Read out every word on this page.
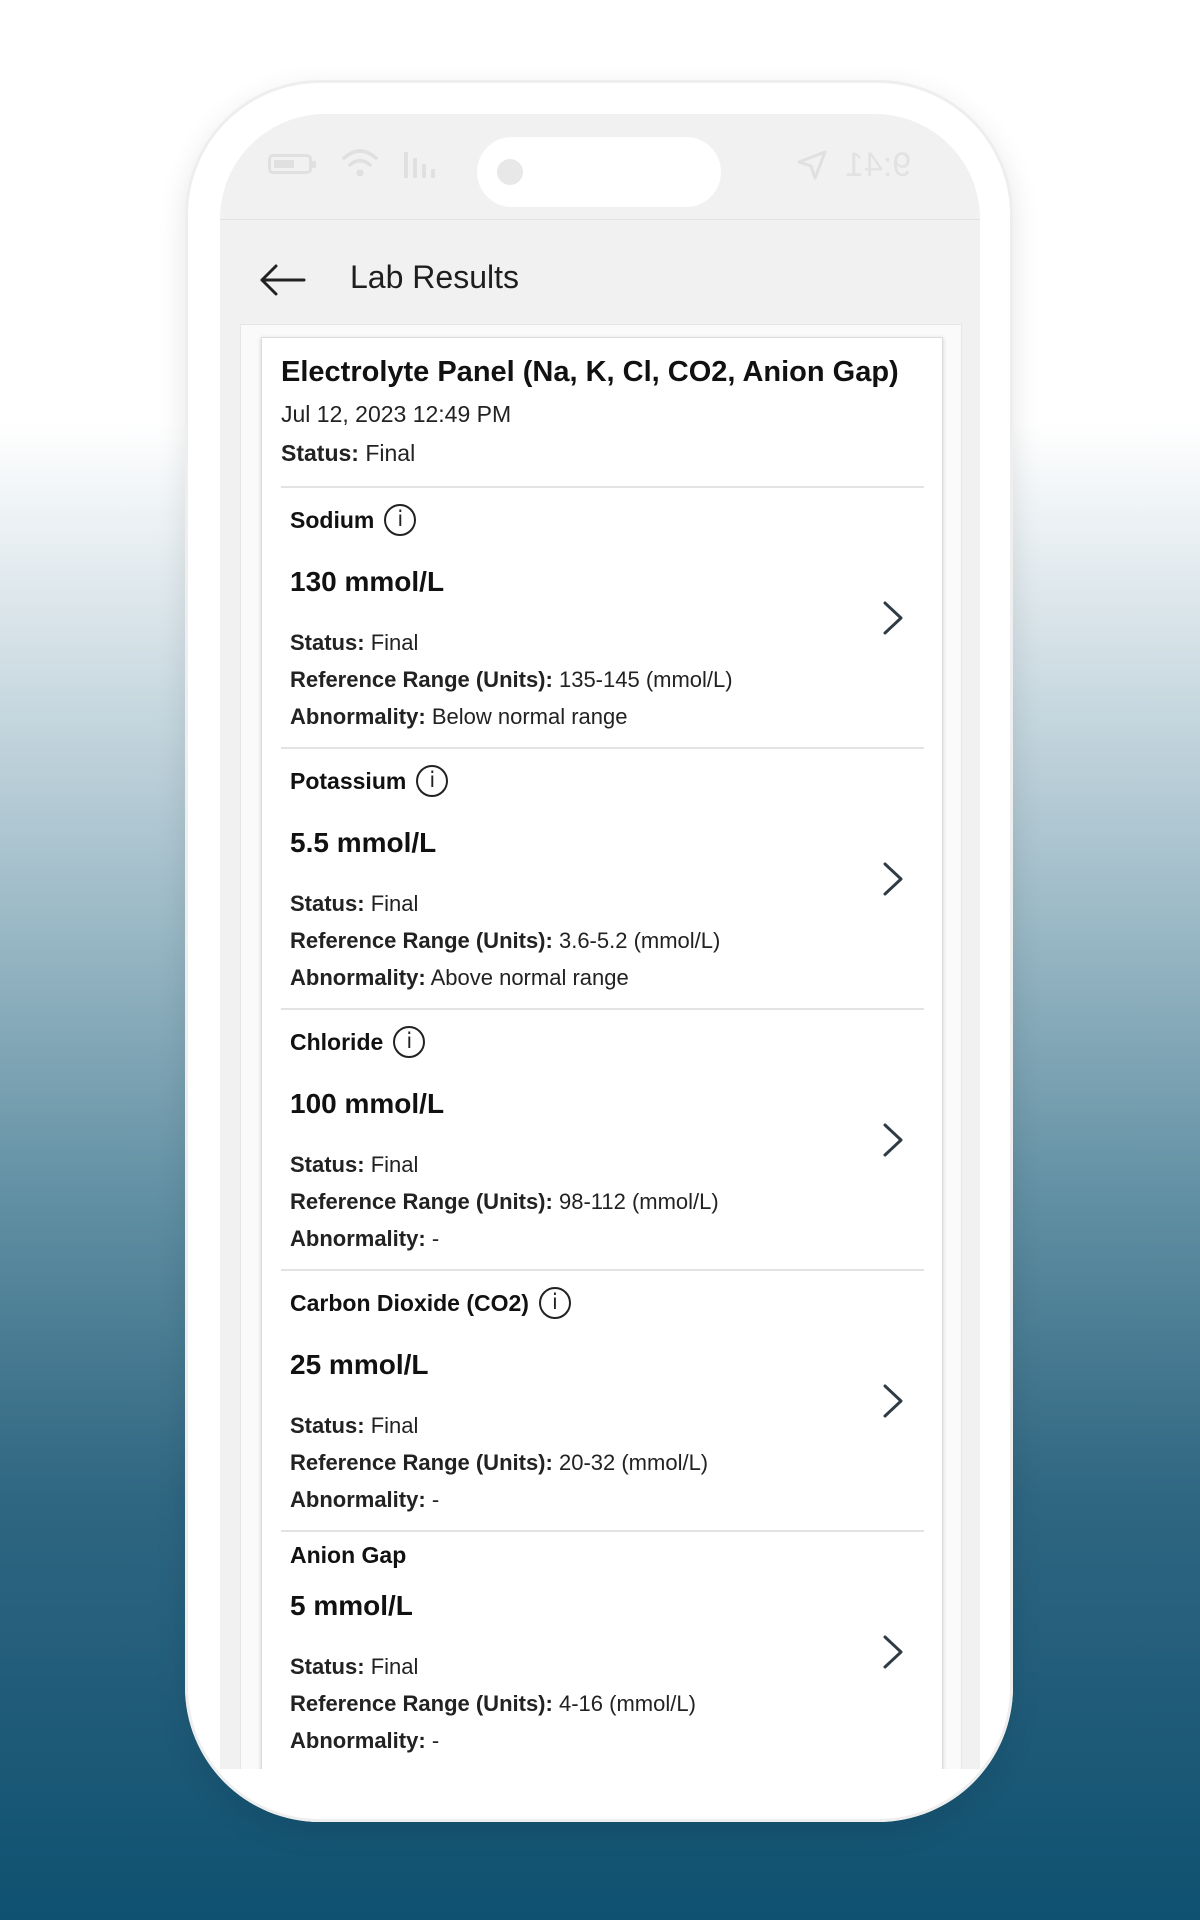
9:41
Lab Results
Electrolyte Panel (Na, K, Cl, CO2, Anion Gap)
Jul 12, 2023 12:49 PM
Status: Final
Sodium	i
130 mmol/L
Status: Final
Reference Range (Units): 135-145 (mmol/L)
Abnormality: Below normal range
Potassium	i
5.5 mmol/L
Status: Final
Reference Range (Units): 3.6-5.2 (mmol/L)
Abnormality: Above normal range
Chloride	i
100 mmol/L
Status: Final
Reference Range (Units): 98-112 (mmol/L)
Abnormality: -
Carbon Dioxide (CO2)	i
25 mmol/L
Status: Final
Reference Range (Units): 20-32 (mmol/L)
Abnormality: -
Anion Gap
5 mmol/L
Status: Final
Reference Range (Units): 4-16 (mmol/L)
Abnormality: -
